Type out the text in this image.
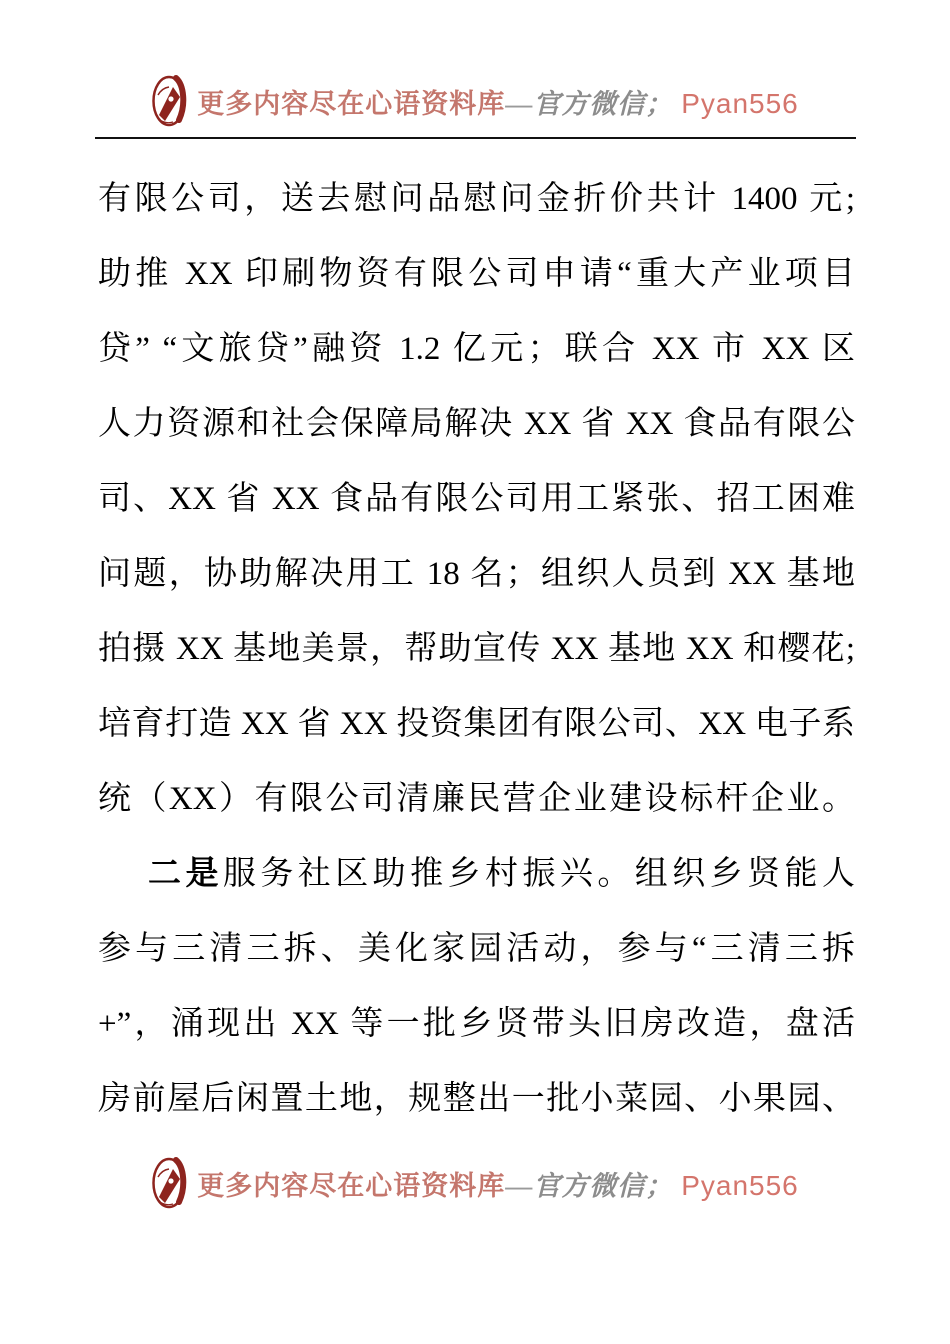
更多内容尽在心语资料库—官方微信； Pyan556
有限公司，送去慰问品慰问金折价共计 1400 元;
助推 XX 印刷物资有限公司申请“重大产业项目
贷” “文旅贷”融资 1.2 亿元；联合 XX 市 XX 区
人力资源和社会保障局解决 XX 省 XX 食品有限公
司、XX 省 XX 食品有限公司用工紧张、招工困难
问题，协助解决用工 18 名；组织人员到 XX 基地
拍摄 XX 基地美景，帮助宣传 XX 基地 XX 和樱花;
培育打造 XX 省 XX 投资集团有限公司、XX 电子系
统（XX）有限公司清廉民营企业建设标杆企业。
二是服务社区助推乡村振兴。组织乡贤能人
参与三清三拆、美化家园活动，参与“三清三拆
+”，涌现出 XX 等一批乡贤带头旧房改造，盘活
房前屋后闲置土地，规整出一批小菜园、小果园、
更多内容尽在心语资料库—官方微信； Pyan556
